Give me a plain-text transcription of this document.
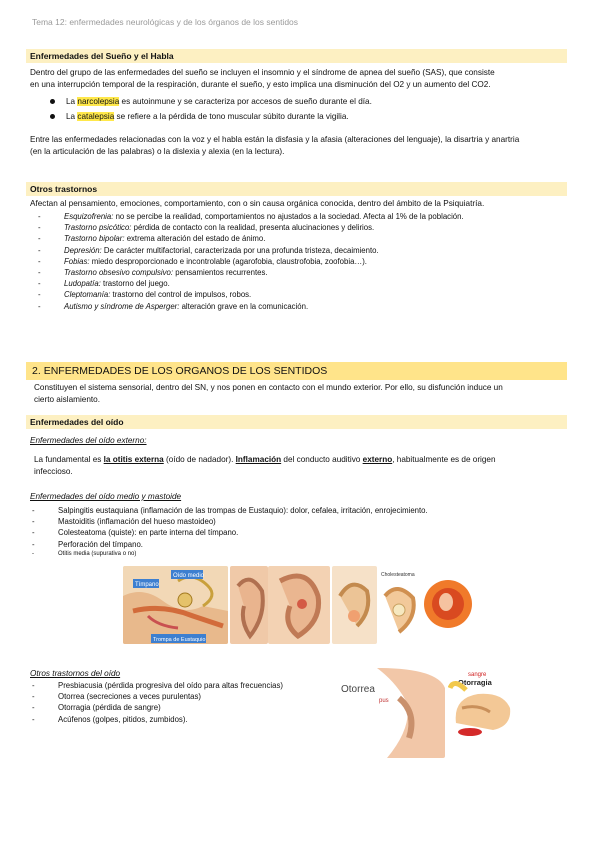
Tema 12: enfermedades neurológicas y de los órganos de los sentidos
Enfermedades del Sueño y el Habla
Dentro del grupo de las enfermedades del sueño se incluyen el insomnio y el síndrome de apnea del sueño (SAS), que consiste
en una interrupción temporal de la respiración, durante el sueño, y esto implica una disminución del O2 y un aumento del CO2.
La narcolepsia es autoinmune y se caracteriza por accesos de sueño durante el día.
La catalepsia se refiere a la pérdida de tono muscular súbito durante la vigilia.
Entre las enfermedades relacionadas con la voz y el habla están la disfasia y la afasia (alteraciones del lenguaje), la disartria y anartria
(en la articulación de las palabras) o la dislexia y alexia (en la lectura).
Otros trastornos
Afectan al pensamiento, emociones, comportamiento, con o sin causa orgánica conocida, dentro del ámbito de la Psiquiatría.
- Esquizofrenia: no se percibe la realidad, comportamientos no ajustados a la sociedad. Afecta al 1% de la población.
- Trastorno psicótico: pérdida de contacto con la realidad, presenta alucinaciones y delirios.
- Trastorno bipolar: extrema alteración del estado de ánimo.
- Depresión: De carácter multifactorial, caracterizada por una profunda tristeza, decaimiento.
- Fobias: miedo desproporcionado e incontrolable (agarofobia, claustrofobia, zoofobia…).
- Trastorno obsesivo compulsivo: pensamientos recurrentes.
- Ludopatía: trastorno del juego.
- Cleptomanía: trastorno del control de impulsos, robos.
- Autismo y síndrome de Asperger: alteración grave en la comunicación.
2. ENFERMEDADES DE LOS ORGANOS DE LOS SENTIDOS
Constituyen el sistema sensorial, dentro del SN, y nos ponen en contacto con el mundo exterior. Por ello, su disfunción induce un
cierto aislamiento.
Enfermedades del oído
Enfermedades del oído externo:
La fundamental es la otitis externa (oído de nadador). Inflamación del conducto auditivo externo, habitualmente es de origen
infeccioso.
Enfermedades del oído medio y mastoide
- Salpingitis eustaquiana (inflamación de las trompas de Eustaquio): dolor, cefalea, irritación, enrojecimiento.
- Mastoiditis (inflamación del hueso mastoideo)
- Colesteatoma (quiste): en parte interna del tímpano.
- Perforación del tímpano.
- Otitis media (supurativa o no)
Tímpano
Oído medio
Trompa de Eustaquio
Cholesteatoma
Otros trastornos del oído
- Presbiacusia (pérdida progresiva del oído para altas frecuencias)
- Otorrea (secreciones a veces purulentas)
- Otorragia (pérdida de sangre)
- Acúfenos (golpes, pitidos, zumbidos).
Otorrea
pus
sangre
Otorragia
